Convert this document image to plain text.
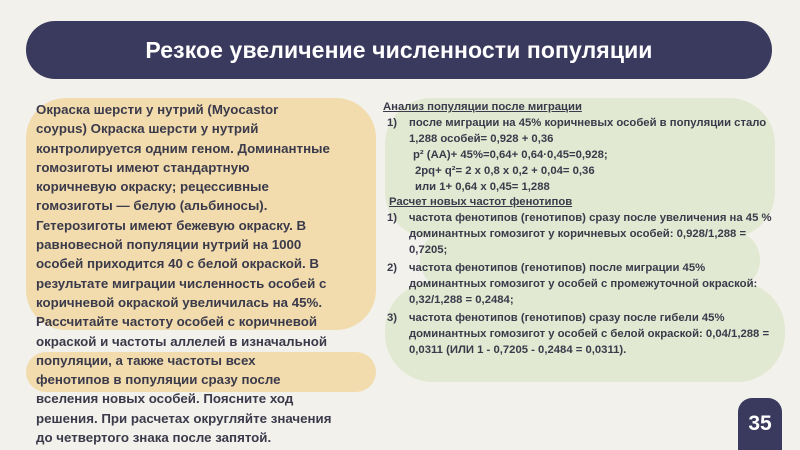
Резкое увеличение численности популяции
Окраска шерсти у нутрий (Myocastor
coypus) Окраска шерсти у нутрий
контролируется одним геном. Доминантные
гомозиготы имеют стандартную
коричневую окраску; рецессивные
гомозиготы — белую (альбиносы).
Гетерозиготы имеют бежевую окраску. В
равновесной популяции нутрий на 1000
особей приходится 40 с белой окраской. В
результате миграции численность особей с
коричневой окраской увеличилась на 45%.
Рассчитайте частоту особей с коричневой
окраской и частоты аллелей в изначальной
популяции, а также частоты всех
фенотипов в популяции сразу после
вселения новых особей. Поясните ход
решения. При расчетах округляйте значения
до четвертого знака после запятой.
Анализ популяции после миграции
1)	после миграции на 45% коричневых особей в популяции стало 1,288 особей= 0,928 + 0,36
p² (АА)+ 45%=0,64+ 0,64·0,45=0,928;
2pq+ q²= 2 х 0,8 х 0,2 + 0,04= 0,36
или 1+ 0,64 х 0,45= 1,288
Расчет новых частот фенотипов
1)	частота фенотипов (генотипов) сразу после увеличения на 45 % доминантных гомозигот у коричневых особей: 0,928/1,288 = 0,7205;
2)	частота фенотипов (генотипов) после миграции 45% доминантных гомозигот у особей с промежуточной окраской: 0,32/1,288 = 0,2484;
3)	частота фенотипов (генотипов) сразу после гибели 45% доминантных гомозигот у особей с белой окраской: 0,04/1,288 = 0,0311 (ИЛИ 1 - 0,7205 - 0,2484 = 0,0311).
35
